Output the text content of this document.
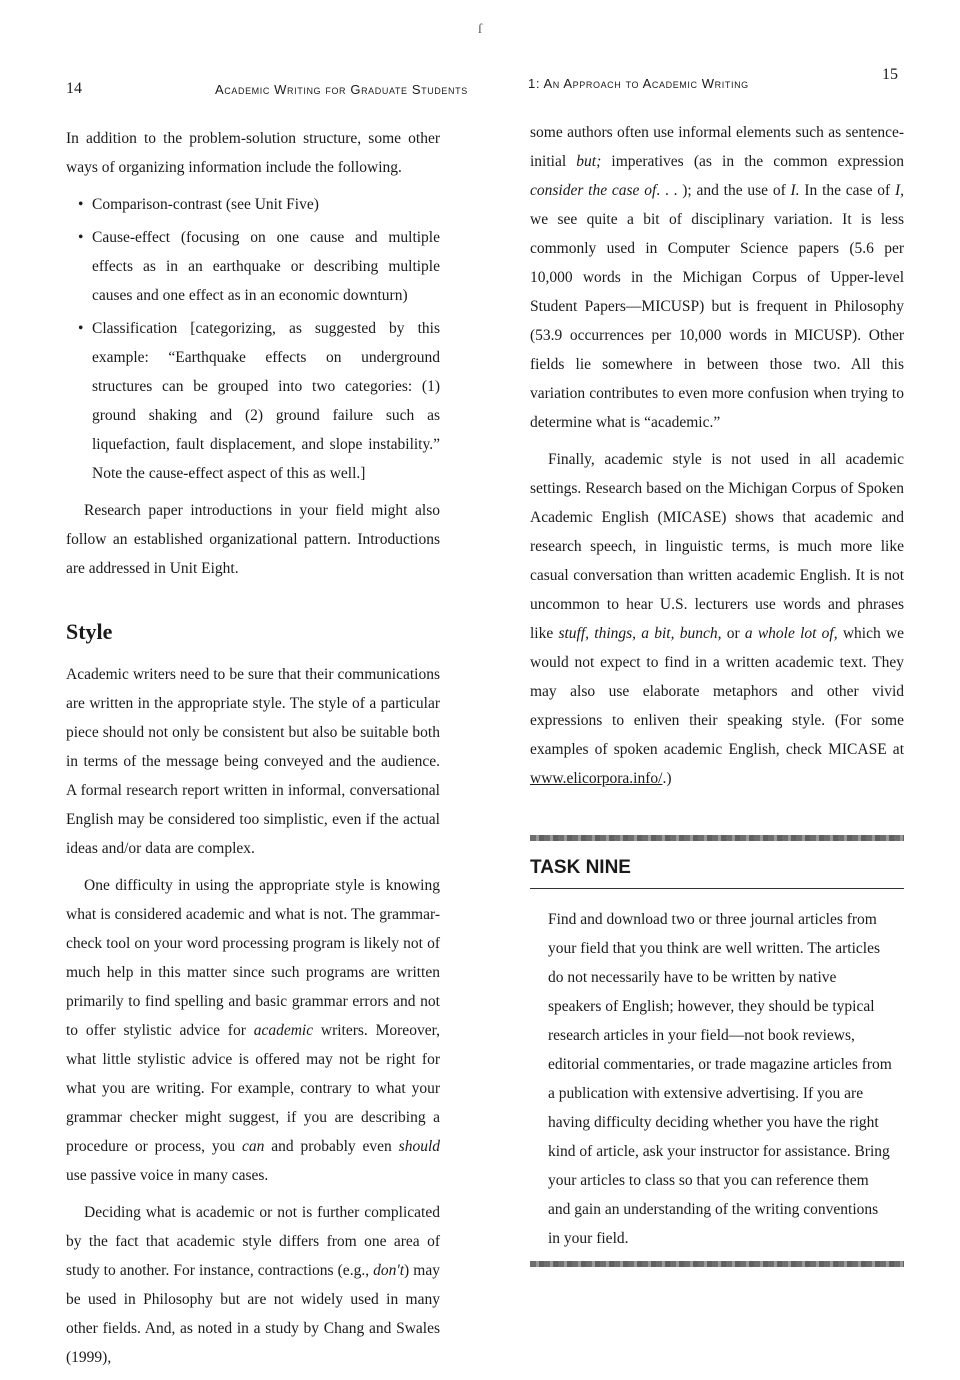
ſ
14	Academic Writing for Graduate Students

In addition to the problem-solution structure, some other ways of organizing information include the following.

• Comparison-contrast (see Unit Five)
• Cause-effect (focusing on one cause and multiple effects as in an earthquake or describing multiple causes and one effect as in an economic downturn)
• Classification [categorizing, as suggested by this example: “Earthquake effects on underground structures can be grouped into two categories: (1) ground shaking and (2) ground failure such as liquefaction, fault displacement, and slope instability.” Note the cause-effect aspect of this as well.]

Research paper introductions in your field might also follow an established organizational pattern. Introductions are addressed in Unit Eight.

Style

Academic writers need to be sure that their communications are written in the appropriate style. The style of a particular piece should not only be consistent but also be suitable both in terms of the message being conveyed and the audience. A formal research report written in informal, conversational English may be considered too simplistic, even if the actual ideas and/or data are complex.

One difficulty in using the appropriate style is knowing what is considered academic and what is not. The grammar-check tool on your word processing program is likely not of much help in this matter since such programs are written primarily to find spelling and basic grammar errors and not to offer stylistic advice for academic writers. Moreover, what little stylistic advice is offered may not be right for what you are writing. For example, contrary to what your grammar checker might suggest, if you are describing a procedure or process, you can and probably even should use passive voice in many cases.

Deciding what is academic or not is further complicated by the fact that academic style differs from one area of study to another. For instance, contractions (e.g., don't) may be used in Philosophy but are not widely used in many other fields. And, as noted in a study by Chang and Swales (1999),

1: An Approach to Academic Writing
15

some authors often use informal elements such as sentence-initial but; imperatives (as in the common expression consider the case of. . . ); and the use of I. In the case of I, we see quite a bit of disciplinary variation. It is less commonly used in Computer Science papers (5.6 per 10,000 words in the Michigan Corpus of Upper-level Student Papers—MICUSP) but is frequent in Philosophy (53.9 occurrences per 10,000 words in MICUSP). Other fields lie somewhere in between those two. All this variation contributes to even more confusion when trying to determine what is “academic.”

Finally, academic style is not used in all academic settings. Research based on the Michigan Corpus of Spoken Academic English (MICASE) shows that academic and research speech, in linguistic terms, is much more like casual conversation than written academic English. It is not uncommon to hear U.S. lecturers use words and phrases like stuff, things, a bit, bunch, or a whole lot of, which we would not expect to find in a written academic text. They may also use elaborate metaphors and other vivid expressions to enliven their speaking style. (For some examples of spoken academic English, check MICASE at www.elicorpora.info/.)

TASK NINE
Find and download two or three journal articles from your field that you think are well written. The articles do not necessarily have to be written by native speakers of English; however, they should be typical research articles in your field—not book reviews, editorial commentaries, or trade magazine articles from a publication with extensive advertising. If you are having difficulty deciding whether you have the right kind of article, ask your instructor for assistance. Bring your articles to class so that you can reference them and gain an understanding of the writing conventions in your field.
